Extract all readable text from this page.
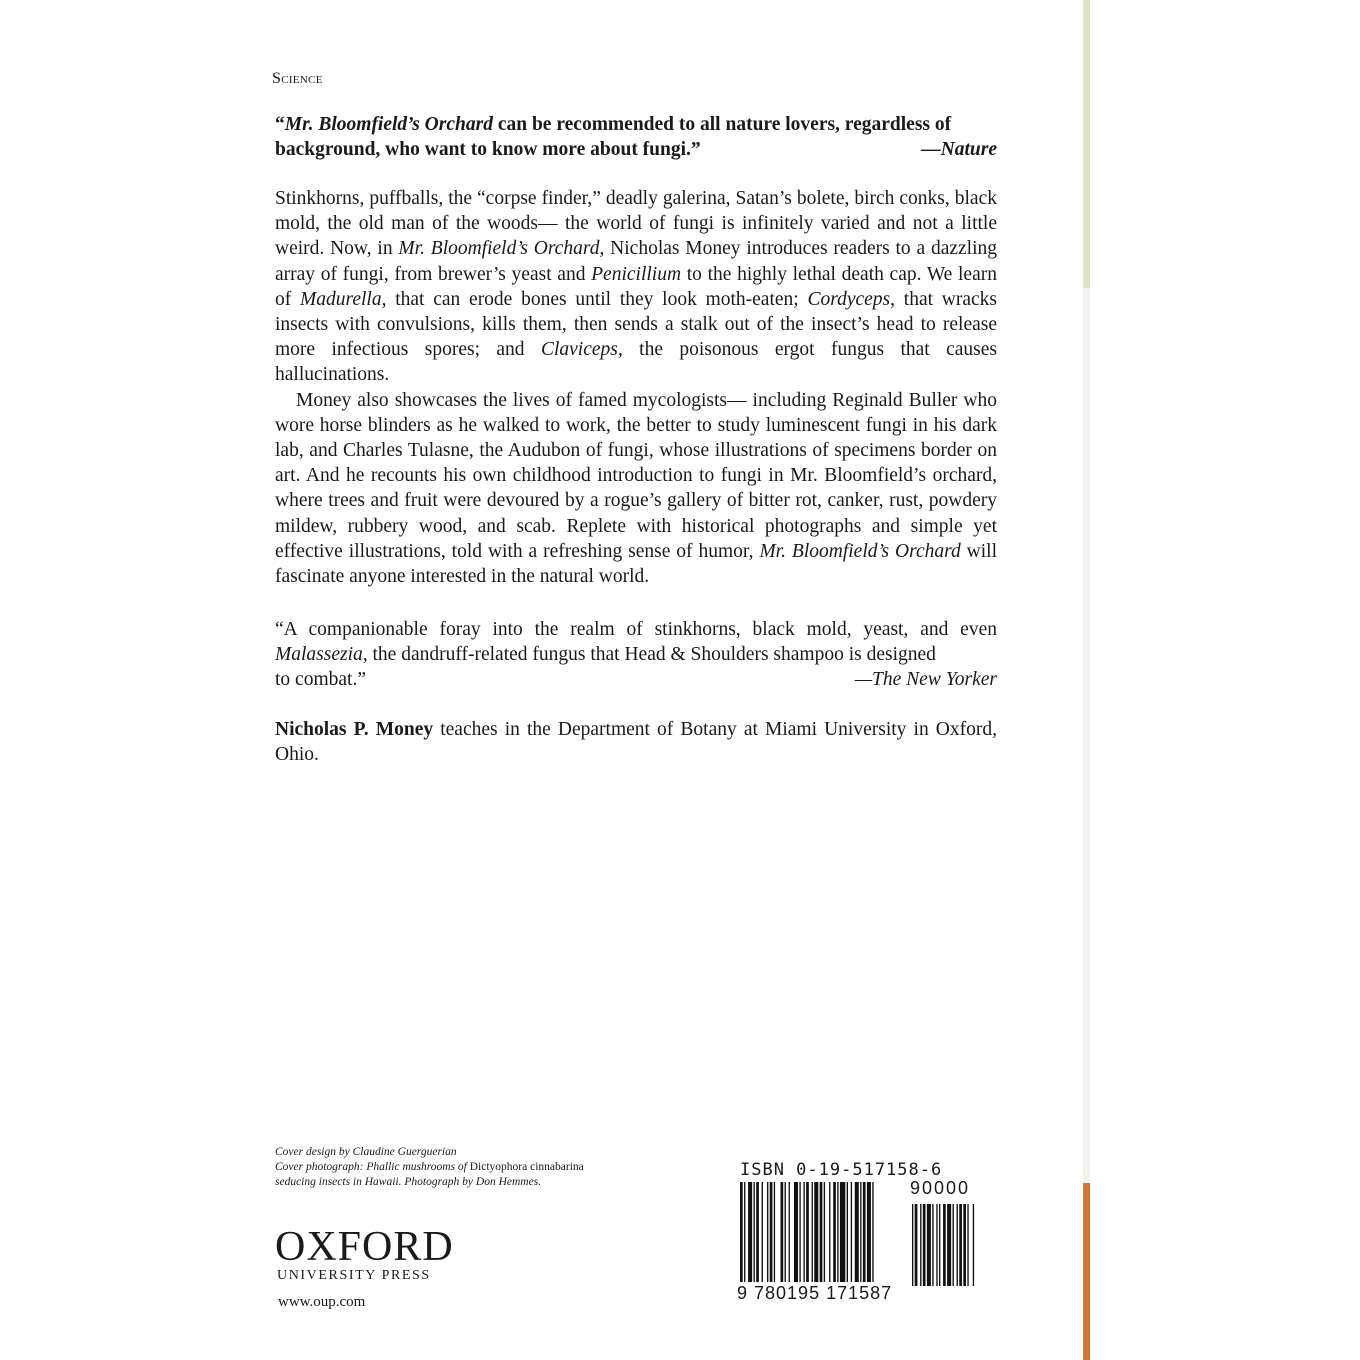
Science
“Mr. Bloomfield’s Orchard can be recommended to all nature lovers, regardless of
background, who want to know more about fungi.”	—Nature

Stinkhorns, puffballs, the “corpse finder,” deadly galerina, Satan’s bolete, birch conks, black mold, the old man of the woods— the world of fungi is infinitely varied and not a little weird. Now, in Mr. Bloomfield’s Orchard, Nicholas Money introduces readers to a dazzling array of fungi, from brewer’s yeast and Penicillium to the highly lethal death cap. We learn of Madurella, that can erode bones until they look moth-eaten; Cordyceps, that wracks insects with convulsions, kills them, then sends a stalk out of the insect’s head to release more infectious spores; and Claviceps, the poisonous ergot fungus that causes hallucinations.

Money also showcases the lives of famed mycologists— including Reginald Buller who wore horse blinders as he walked to work, the better to study luminescent fungi in his dark lab, and Charles Tulasne, the Audubon of fungi, whose illustrations of specimens border on art. And he recounts his own childhood introduction to fungi in Mr. Bloomfield’s orchard, where trees and fruit were devoured by a rogue’s gallery of bitter rot, canker, rust, powdery mildew, rubbery wood, and scab. Replete with historical photographs and simple yet effective illustrations, told with a refreshing sense of humor, Mr. Bloomfield’s Orchard will fascinate anyone interested in the natural world.

“A companionable foray into the realm of stinkhorns, black mold, yeast, and even Malassezia, the dandruff-related fungus that Head & Shoulders shampoo is designed
to combat.”	—The New Yorker
Nicholas P. Money teaches in the Department of Botany at Miami University in Oxford, Ohio.
Cover design by Claudine Guerguerian
Cover photograph: Phallic mushrooms of Dictyophora cinnabarina
seducing insects in Hawaii. Photograph by Don Hemmes.
OXFORD
UNIVERSITY PRESS
www.oup.com
ISBN 0-19-517158-6
90000
9 780195 171587
